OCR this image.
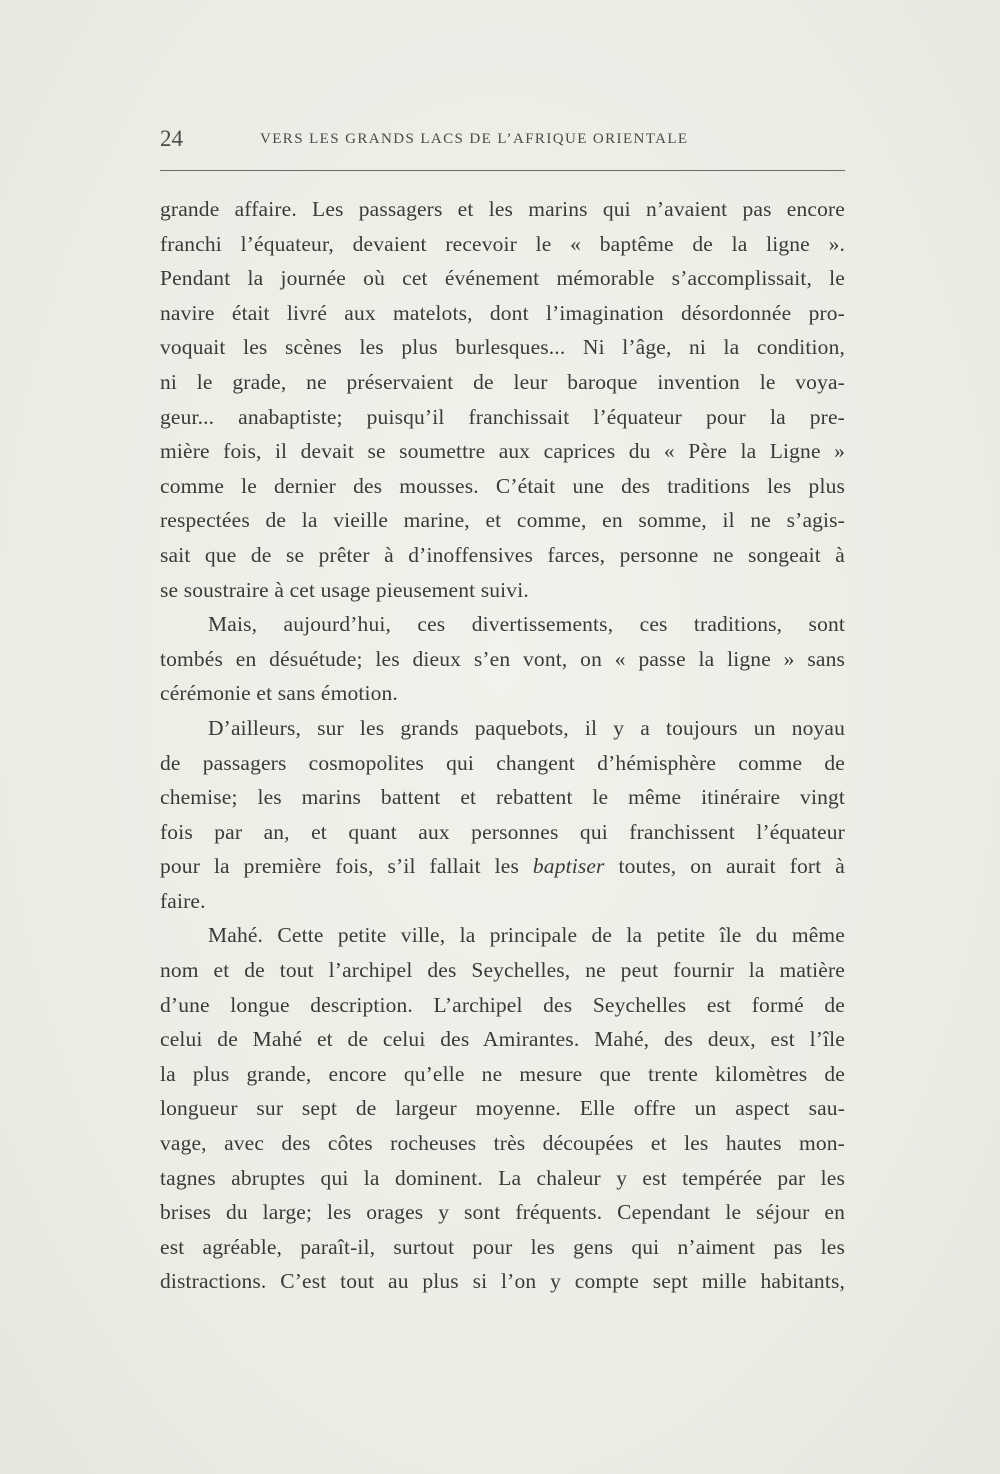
24	VERS LES GRANDS LACS DE L’AFRIQUE ORIENTALE
grande affaire. Les passagers et les marins qui n’avaient pas encore
franchi l’équateur, devaient recevoir le « baptême de la ligne ».
Pendant la journée où cet événement mémorable s’accomplissait, le
navire était livré aux matelots, dont l’imagination désordonnée pro-
voquait les scènes les plus burlesques... Ni l’âge, ni la condition,
ni le grade, ne préservaient de leur baroque invention le voya-
geur... anabaptiste; puisqu’il franchissait l’équateur pour la pre-
mière fois, il devait se soumettre aux caprices du « Père la Ligne »
comme le dernier des mousses. C’était une des traditions les plus
respectées de la vieille marine, et comme, en somme, il ne s’agis-
sait que de se prêter à d’inoffensives farces, personne ne songeait à
se soustraire à cet usage pieusement suivi.
Mais, aujourd’hui, ces divertissements, ces traditions, sont
tombés en désuétude; les dieux s’en vont, on « passe la ligne » sans
cérémonie et sans émotion.
D’ailleurs, sur les grands paquebots, il y a toujours un noyau
de passagers cosmopolites qui changent d’hémisphère comme de
chemise; les marins battent et rebattent le même itinéraire vingt
fois par an, et quant aux personnes qui franchissent l’équateur
pour la première fois, s’il fallait les baptiser toutes, on aurait fort à
faire.
Mahé. Cette petite ville, la principale de la petite île du même
nom et de tout l’archipel des Seychelles, ne peut fournir la matière
d’une longue description. L’archipel des Seychelles est formé de
celui de Mahé et de celui des Amirantes. Mahé, des deux, est l’île
la plus grande, encore qu’elle ne mesure que trente kilomètres de
longueur sur sept de largeur moyenne. Elle offre un aspect sau-
vage, avec des côtes rocheuses très découpées et les hautes mon-
tagnes abruptes qui la dominent. La chaleur y est tempérée par les
brises du large; les orages y sont fréquents. Cependant le séjour en
est agréable, paraît-il, surtout pour les gens qui n’aiment pas les
distractions. C’est tout au plus si l’on y compte sept mille habitants,
